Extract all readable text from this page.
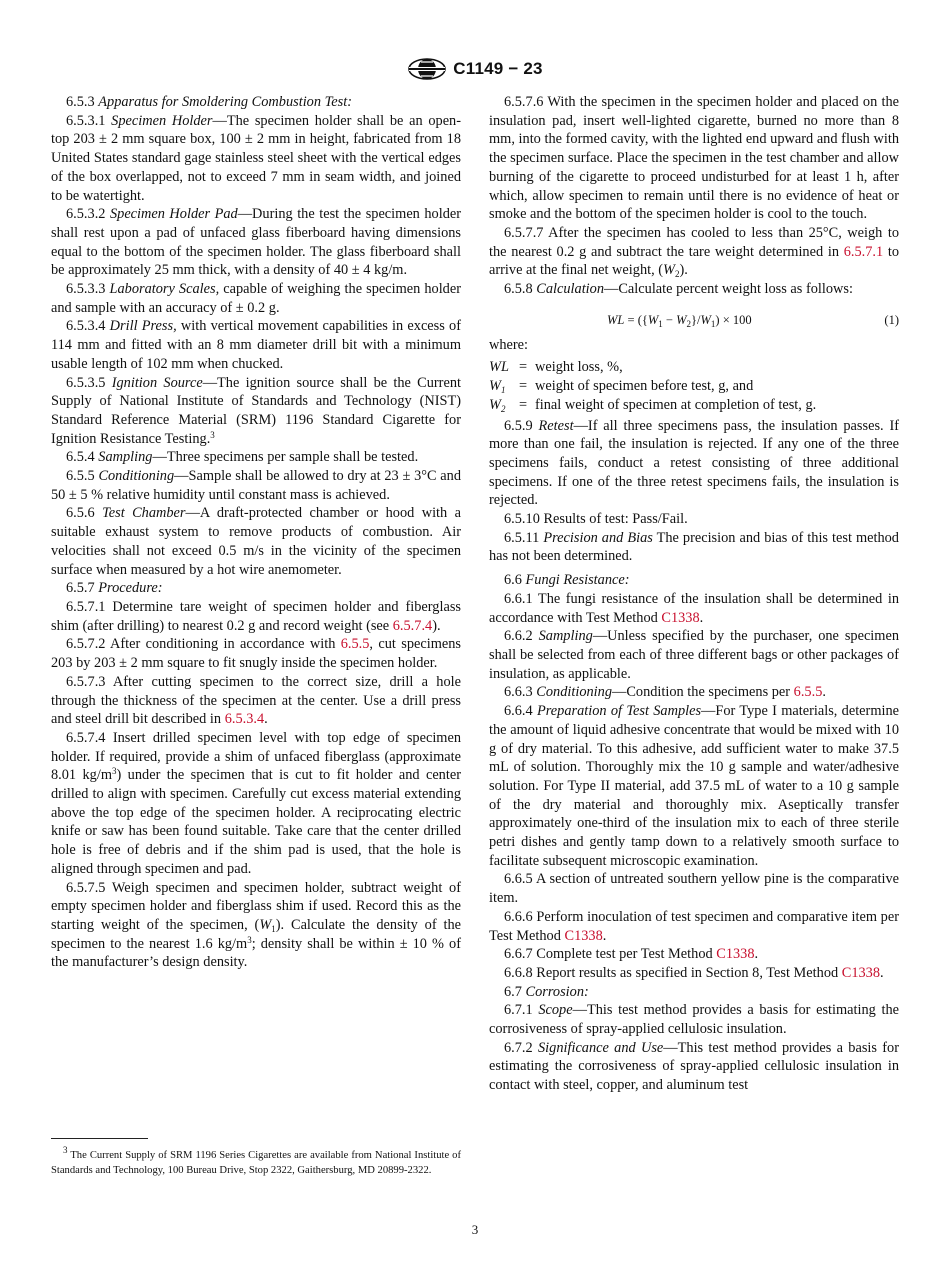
C1149 − 23

6.5.3 Apparatus for Smoldering Combustion Test:

6.5.3.1 Specimen Holder—The specimen holder shall be an open-top 203 ± 2 mm square box, 100 ± 2 mm in height, fabricated from 18 United States standard gage stainless steel sheet with the vertical edges of the box overlapped, not to exceed 7 mm in seam width, and joined to be watertight.

6.5.3.2 Specimen Holder Pad—During the test the specimen holder shall rest upon a pad of unfaced glass fiberboard having dimensions equal to the bottom of the specimen holder. The glass fiberboard shall be approximately 25 mm thick, with a density of 40 ± 4 kg/m.

6.5.3.3 Laboratory Scales, capable of weighing the specimen holder and sample with an accuracy of ± 0.2 g.

6.5.3.4 Drill Press, with vertical movement capabilities in excess of 114 mm and fitted with an 8 mm diameter drill bit with a minimum usable length of 102 mm when chucked.

6.5.3.5 Ignition Source—The ignition source shall be the Current Supply of National Institute of Standards and Technology (NIST) Standard Reference Material (SRM) 1196 Standard Cigarette for Ignition Resistance Testing.$^3$

6.5.4 Sampling—Three specimens per sample shall be tested.

6.5.5 Conditioning—Sample shall be allowed to dry at 23 ± 3°C and 50 ± 5 % relative humidity until constant mass is achieved.

6.5.6 Test Chamber—A draft-protected chamber or hood with a suitable exhaust system to remove products of combustion. Air velocities shall not exceed 0.5 m/s in the vicinity of the specimen surface when measured by a hot wire anemometer.

6.5.7 Procedure:

6.5.7.1 Determine tare weight of specimen holder and fiberglass shim (after drilling) to nearest 0.2 g and record weight (see 6.5.7.4).

6.5.7.2 After conditioning in accordance with 6.5.5, cut specimens 203 by 203 ± 2 mm square to fit snugly inside the specimen holder.

6.5.7.3 After cutting specimen to the correct size, drill a hole through the thickness of the specimen at the center. Use a drill press and steel drill bit described in 6.5.3.4.

6.5.7.4 Insert drilled specimen level with top edge of specimen holder. If required, provide a shim of unfaced fiberglass (approximate 8.01 $kg/m^3$) under the specimen that is cut to fit holder and center drilled to align with specimen. Carefully cut excess material extending above the top edge of the specimen holder. A reciprocating electric knife or saw has been found suitable. Take care that the center drilled hole is free of debris and if the shim pad is used, that the hole is aligned through specimen and pad.

6.5.7.5 Weigh specimen and specimen holder, subtract weight of empty specimen holder and fiberglass shim if used. Record this as the starting weight of the specimen, $(W_1)$. Calculate the density of the specimen to the nearest 1.6 $kg/m^3$; density shall be within ± 10 % of the manufacturer’s design density.

$^3$ The Current Supply of SRM 1196 Series Cigarettes are available from National Institute of Standards and Technology, 100 Bureau Drive, Stop 2322, Gaithersburg, MD 20899-2322.

6.5.7.6 With the specimen in the specimen holder and placed on the insulation pad, insert well-lighted cigarette, burned no more than 8 mm, into the formed cavity, with the lighted end upward and flush with the specimen surface. Place the specimen in the test chamber and allow burning of the cigarette to proceed undisturbed for at least 1 h, after which, allow specimen to remain until there is no evidence of heat or smoke and the bottom of the specimen holder is cool to the touch.

6.5.7.7 After the specimen has cooled to less than 25°C, weigh to the nearest 0.2 g and subtract the tare weight determined in 6.5.7.1 to arrive at the final net weight, $(W_2)$.

6.5.8 Calculation—Calculate percent weight loss as follows:

WL = $(\{W_1 - W_2\}/W_1) \times 100$	(1)
where:
WL = weight loss, %,
$W_1$ = weight of specimen before test, g, and
$W_2$ = final weight of specimen at completion of test, g.

6.5.9 Retest—If all three specimens pass, the insulation passes. If more than one fail, the insulation is rejected. If any one of the three specimens fails, conduct a retest consisting of three additional specimens. If one of the three retest specimens fails, the insulation is rejected.

6.5.10 Results of test: Pass/Fail.

6.5.11 Precision and Bias The precision and bias of this test method has not been determined.

6.6 Fungi Resistance:

6.6.1 The fungi resistance of the insulation shall be determined in accordance with Test Method C1338.

6.6.2 Sampling—Unless specified by the purchaser, one specimen shall be selected from each of three different bags or other packages of insulation, as applicable.

6.6.3 Conditioning—Condition the specimens per 6.5.5.

6.6.4 Preparation of Test Samples—For Type I materials, determine the amount of liquid adhesive concentrate that would be mixed with 10 g of dry material. To this adhesive, add sufficient water to make 37.5 mL of solution. Thoroughly mix the 10 g sample and water/adhesive solution. For Type II material, add 37.5 mL of water to a 10 g sample of the dry material and thoroughly mix. Aseptically transfer approximately one-third of the insulation mix to each of three sterile petri dishes and gently tamp down to a relatively smooth surface to facilitate subsequent microscopic examination.

6.6.5 A section of untreated southern yellow pine is the comparative item.

6.6.6 Perform inoculation of test specimen and comparative item per Test Method C1338.

6.6.7 Complete test per Test Method C1338.

6.6.8 Report results as specified in Section 8, Test Method C1338.

6.7 Corrosion:

6.7.1 Scope—This test method provides a basis for estimating the corrosiveness of spray-applied cellulosic insulation.

6.7.2 Significance and Use—This test method provides a basis for estimating the corrosiveness of spray-applied cellulosic insulation in contact with steel, copper, and aluminum test

3
